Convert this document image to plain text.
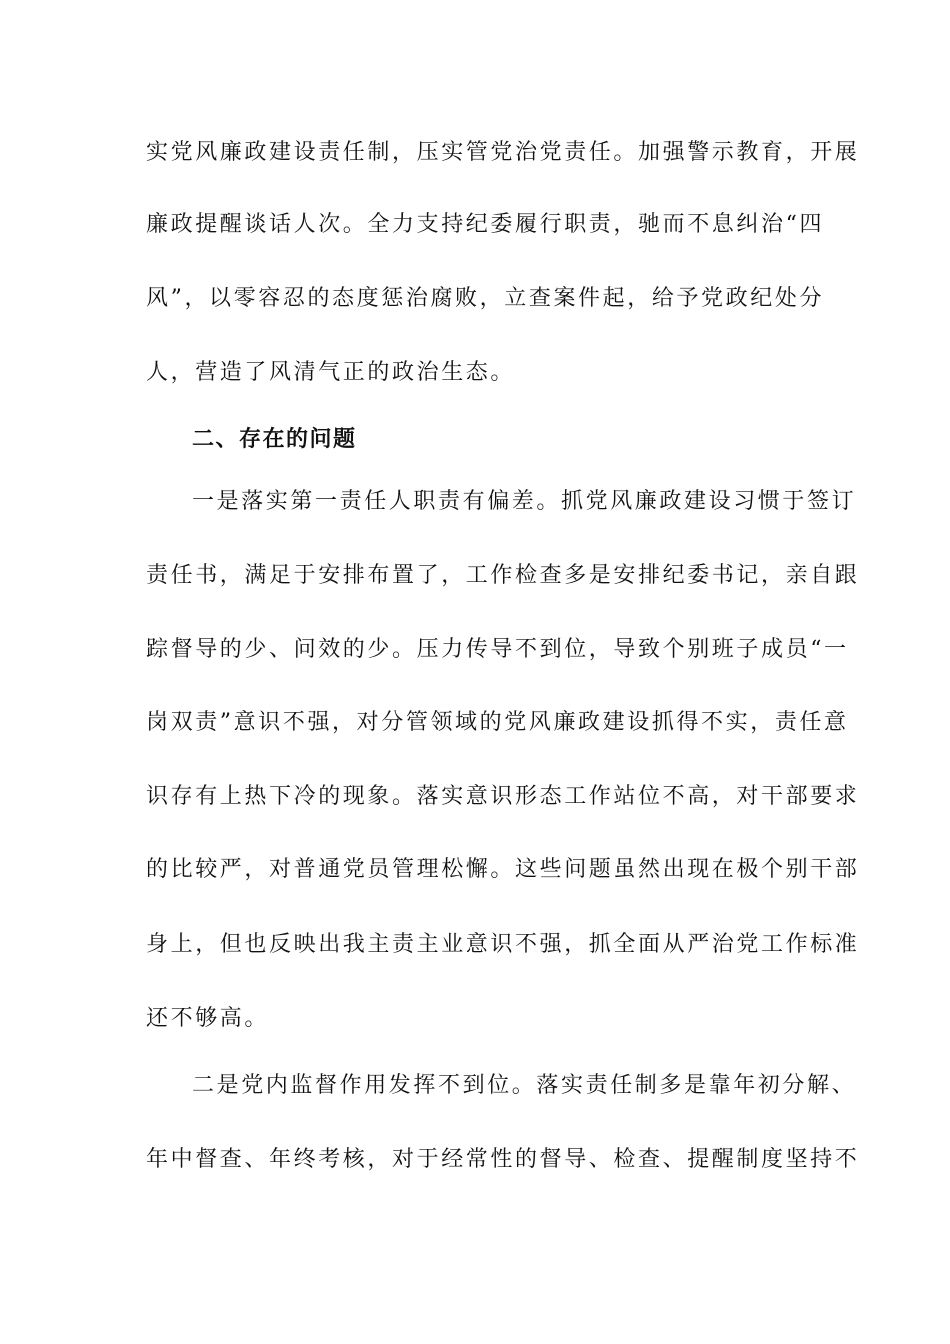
实党风廉政建设责任制，压实管党治党责任。加强警示教育，开展
廉政提醒谈话人次。全力支持纪委履行职责，驰而不息纠治“四
风”，以零容忍的态度惩治腐败，立查案件起，给予党政纪处分
人，营造了风清气正的政治生态。
二、存在的问题
一是落实第一责任人职责有偏差。抓党风廉政建设习惯于签订
责任书，满足于安排布置了，工作检查多是安排纪委书记，亲自跟
踪督导的少、问效的少。压力传导不到位，导致个别班子成员“一
岗双责”意识不强，对分管领域的党风廉政建设抓得不实，责任意
识存有上热下冷的现象。落实意识形态工作站位不高，对干部要求
的比较严，对普通党员管理松懈。这些问题虽然出现在极个别干部
身上，但也反映出我主责主业意识不强，抓全面从严治党工作标准
还不够高。
二是党内监督作用发挥不到位。落实责任制多是靠年初分解、
年中督查、年终考核，对于经常性的督导、检查、提醒制度坚持不
